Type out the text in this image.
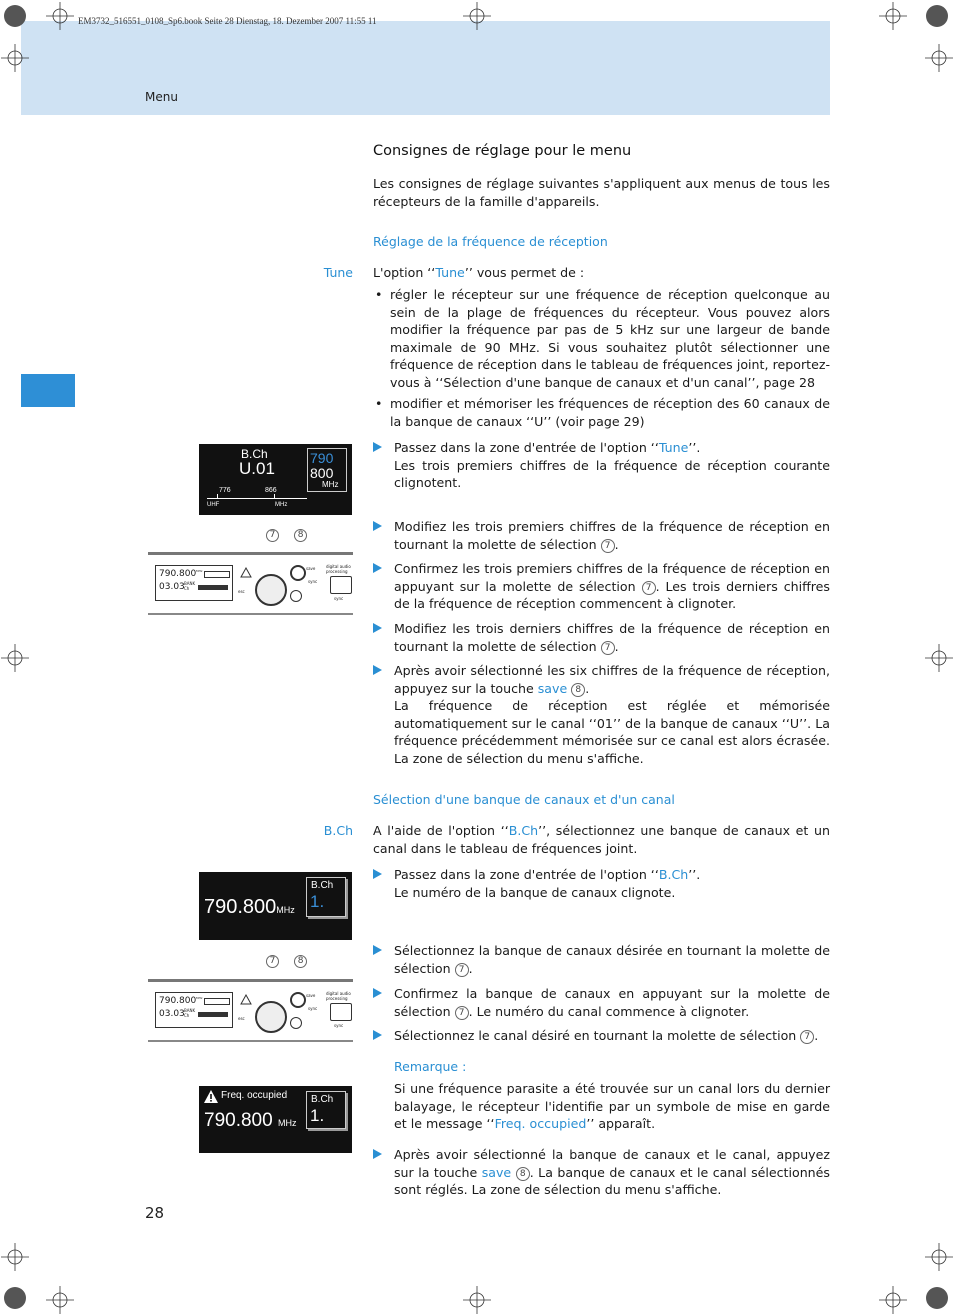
EM3732_516551_0108_Sp6.book Seite 28 Dienstag, 18. Dezember 2007 11:55 11
Menu
Consignes de réglage pour le menu
Les consignes de réglage suivantes s'appliquent aux menus de tous les récepteurs de la famille d'appareils.
Réglage de la fréquence de réception
Tune L'option ‘‘Tune’’ vous permet de :
• régler le récepteur sur une fréquence de réception quelconque au sein de la plage de fréquences du récepteur. Vous pouvez alors modifier la fréquence par pas de 5 kHz sur une largeur de bande maximale de 90 MHz. Si vous souhaitez plutôt sélectionner une fréquence de réception dans le tableau de fréquences joint, reportez-vous à ‘‘Sélection d'une banque de canaux et d'un canal’’, page 28
• modifier et mémoriser les fréquences de réception des 60 canaux de la banque de canaux ‘‘U’’ (voir page 29)
Passez dans la zone d'entrée de l'option ‘‘Tune’’.
Les trois premiers chiffres de la fréquence de réception courante clignotent.
Modifiez les trois premiers chiffres de la fréquence de réception en tournant la molette de sélection 7 .
Confirmez les trois premiers chiffres de la fréquence de réception en appuyant sur la molette de sélection 7 . Les trois derniers chiffres de la fréquence de réception commencent à clignoter.
Modifiez les trois derniers chiffres de la fréquence de réception en tournant la molette de sélection 7 .
Après avoir sélectionné les six chiffres de la fréquence de réception, appuyez sur la touche save 8 .
La fréquence de réception est réglée et mémorisée automatiquement sur le canal ‘‘01’’ de la banque de canaux ‘‘U’’. La fréquence précédemment mémorisée sur ce canal est alors écrasée. La zone de sélection du menu s'affiche.
Sélection d'une banque de canaux et d'un canal
B.Ch A l'aide de l'option ‘‘B.Ch’’, sélectionnez une banque de canaux et un canal dans le tableau de fréquences joint.
Passez dans la zone d'entrée de l'option ‘‘B.Ch’’.
Le numéro de la banque de canaux clignote.
Sélectionnez la banque de canaux désirée en tournant la molette de sélection 7 .
Confirmez la banque de canaux en appuyant sur la molette de sélection 7 . Le numéro du canal commence à clignoter.
Sélectionnez le canal désiré en tournant la molette de sélection 7 .
Remarque :
Si une fréquence parasite a été trouvée sur un canal lors du dernier balayage, le récepteur l'identifie par un symbole de mise en garde et le message ‘‘Freq. occupied’’ apparaît.
Après avoir sélectionné la banque de canaux et le canal, appuyez sur la touche save 8 . La banque de canaux et le canal sélectionnés sont réglés. La zone de sélection du menu s'affiche.
28
B.Ch
U.01
790
800
MHz
776	866
UHF	MHz
790.800MHz
B.Ch
1.
Freq. occupied
790.800 MHz
B.Ch
1.
7 8
790.800
03.03 BANK
Ch
MHz
esc
save
sync
digital audio
processing
sync
7 8
790.800
03.03 BANK
Ch
MHz
esc
save
sync
digital audio
processing
sync
